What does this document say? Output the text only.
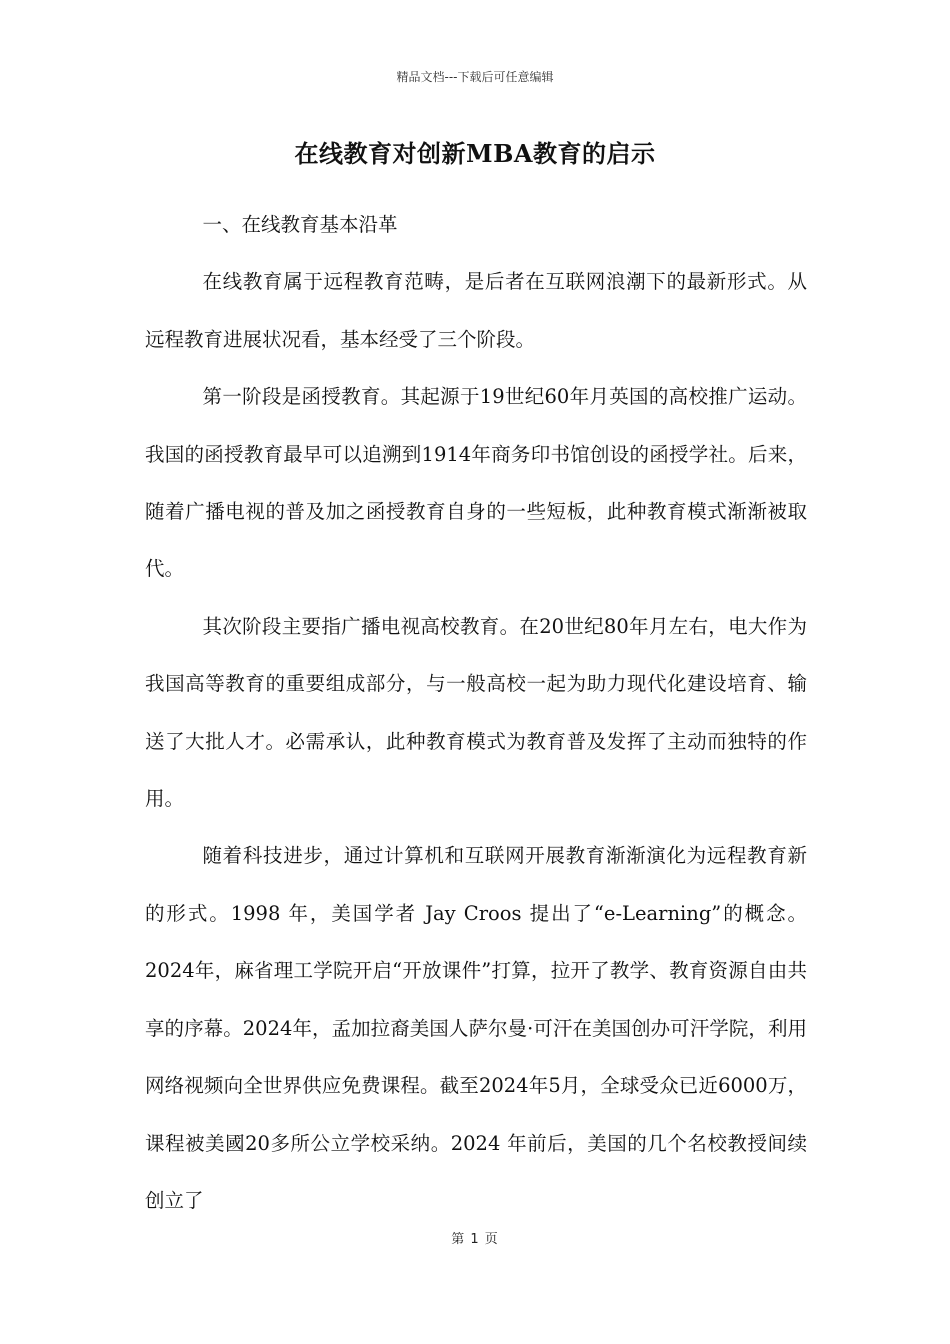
精品文档---下载后可任意编辑
在线教育对创新MBA教育的启示

一、在线教育基本沿革

在线教育属于远程教育范畴，是后者在互联网浪潮下的最新形式。从远程教育进展状况看，基本经受了三个阶段。

第一阶段是函授教育。其起源于19世纪60年月英国的高校推广运动。我国的函授教育最早可以追溯到1914年商务印书馆创设的函授学社。后来，随着广播电视的普及加之函授教育自身的一些短板，此种教育模式渐渐被取代。

其次阶段主要指广播电视高校教育。在20世纪80年月左右，电大作为我国高等教育的重要组成部分，与一般高校一起为助力现代化建设培育、输送了大批人才。必需承认，此种教育模式为教育普及发挥了主动而独特的作用。

随着科技进步，通过计算机和互联网开展教育渐渐演化为远程教育新的形式。1998 年，美国学者 Jay Croos 提出了“e-Learning”的概念。2024年，麻省理工学院开启“开放课件”打算，拉开了教学、教育资源自由共享的序幕。2024年，孟加拉裔美国人萨尔曼·可汗在美国创办可汗学院，利用网络视频向全世界供应免费课程。截至2024年5月，全球受众已近6000万，课程被美國20多所公立学校采纳。2024 年前后，美国的几个名校教授间续创立了

第 1 页
